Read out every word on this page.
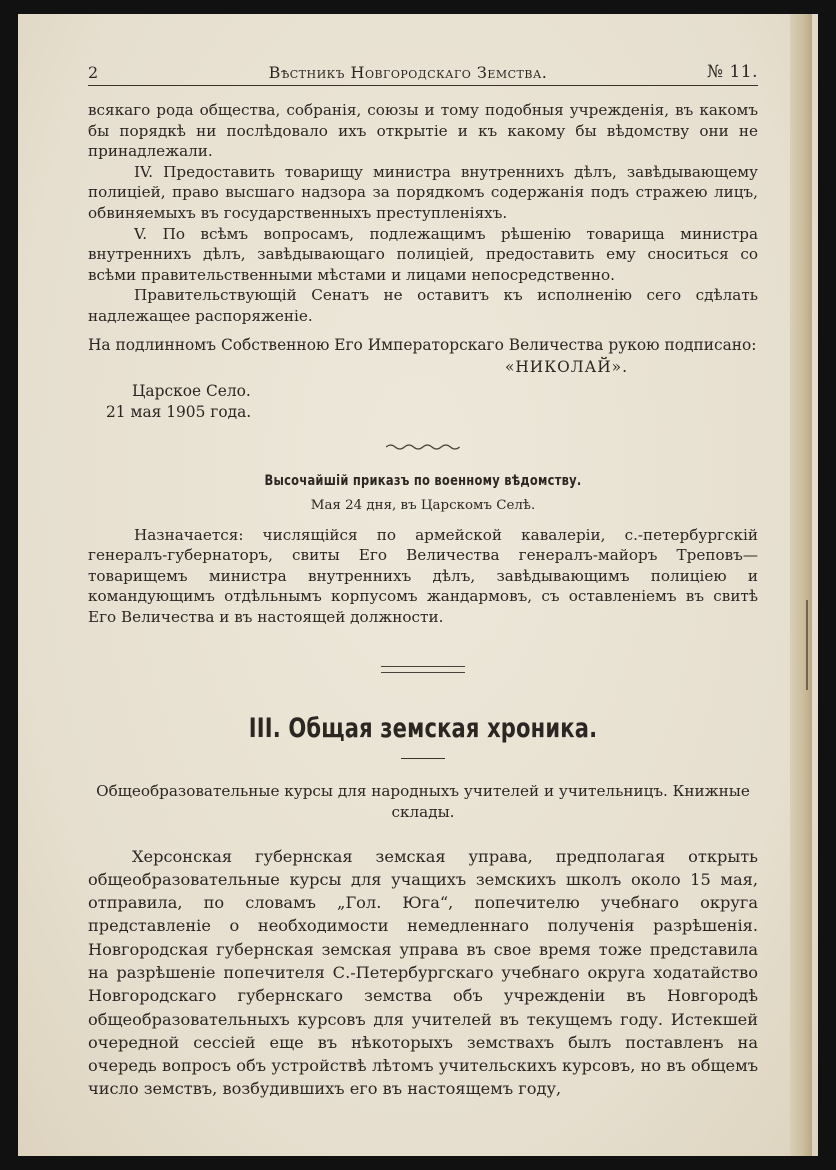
2	Вѣстникъ Новгородскаго Земства.	№ 11.

всякаго рода общества, собранія, союзы и тому подобныя учрежденія, въ какомъ бы порядкѣ ни послѣдовало ихъ открытіе и къ какому бы вѣдомству они не принадлежали.

IV. Предоставить товарищу министра внутреннихъ дѣлъ, завѣдывающему полиціей, право высшаго надзора за порядкомъ содержанія подъ стражею лицъ, обвиняемыхъ въ государственныхъ преступленіяхъ.

V. По всѣмъ вопросамъ, подлежащимъ рѣшенію товарища министра внутреннихъ дѣлъ, завѣдывающаго полиціей, предоставить ему сноситься со всѣми правительственными мѣстами и лицами непосредственно.

Правительствующій Сенатъ не оставитъ къ исполненію сего сдѣлать надлежащее распоряженіе.

На подлинномъ Собственною Его Императорскаго Величества рукою подписано:

«НИКОЛАЙ».

Царское Село.

21 мая 1905 года.

Высочайшій приказъ по военному вѣдомству.

Мая 24 дня, въ Царскомъ Селѣ.

Назначается: числящійся по армейской кавалеріи, с.-петербургскій генералъ-губернаторъ, свиты Его Величества генералъ-майоръ Треповъ—товарищемъ министра внутреннихъ дѣлъ, завѣдывающимъ полиціею и командующимъ отдѣльнымъ корпусомъ жандармовъ, съ оставленіемъ въ свитѣ Его Величества и въ настоящей должности.

III. Общая земская хроника.

Общеобразовательные курсы для народныхъ учителей и учительницъ. Книжные склады.

Херсонская губернская земская управа, предполагая открыть общеобразовательные курсы для учащихъ земскихъ школъ около 15 мая, отправила, по словамъ „Гол. Юга“, попечителю учебнаго округа представленіе о необходимости немедленнаго полученія разрѣшенія. Новгородская губернская земская управа въ свое время тоже представила на разрѣшеніе попечителя С.-Петербургскаго учебнаго округа ходатайство Новгородскаго губернскаго земства объ учрежденіи въ Новгородѣ общеобразовательныхъ курсовъ для учителей въ текущемъ году. Истекшей очередной сессіей еще въ нѣкоторыхъ земствахъ былъ поставленъ на очередь вопросъ объ устройствѣ лѣтомъ учительскихъ курсовъ, но въ общемъ число земствъ, возбудившихъ его въ настоящемъ году,
